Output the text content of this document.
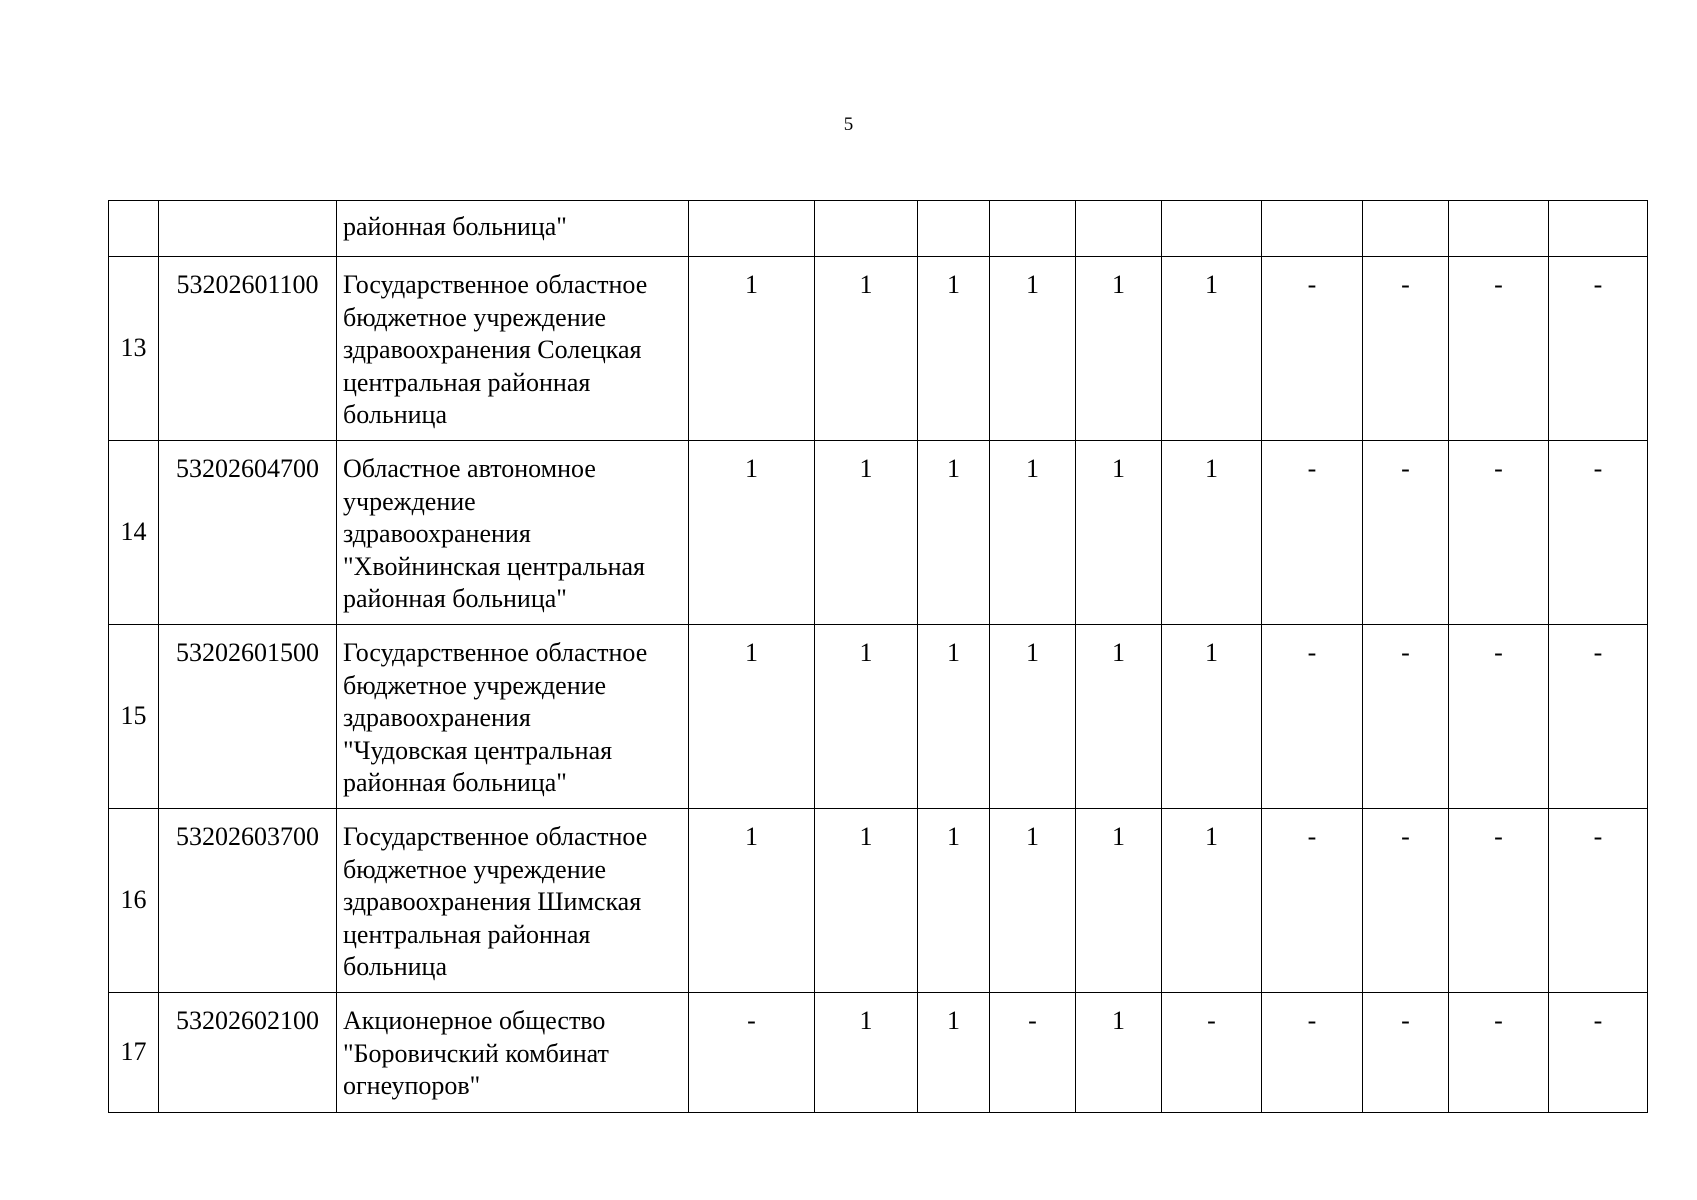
5
		районная больница"										
13	53202601100	Государственное областное
бюджетное учреждение
здравоохранения Солецкая
центральная районная
больница	1	1	1	1	1	1	-	-	-	-
14	53202604700	Областное автономное
учреждение
здравоохранения
"Хвойнинская центральная
районная больница"	1	1	1	1	1	1	-	-	-	-
15	53202601500	Государственное областное
бюджетное учреждение
здравоохранения
"Чудовская центральная
районная больница"	1	1	1	1	1	1	-	-	-	-
16	53202603700	Государственное областное
бюджетное учреждение
здравоохранения Шимская
центральная районная
больница	1	1	1	1	1	1	-	-	-	-
17	53202602100	Акционерное общество
"Боровичский комбинат
огнеупоров"	-	1	1	-	1	-	-	-	-	-
